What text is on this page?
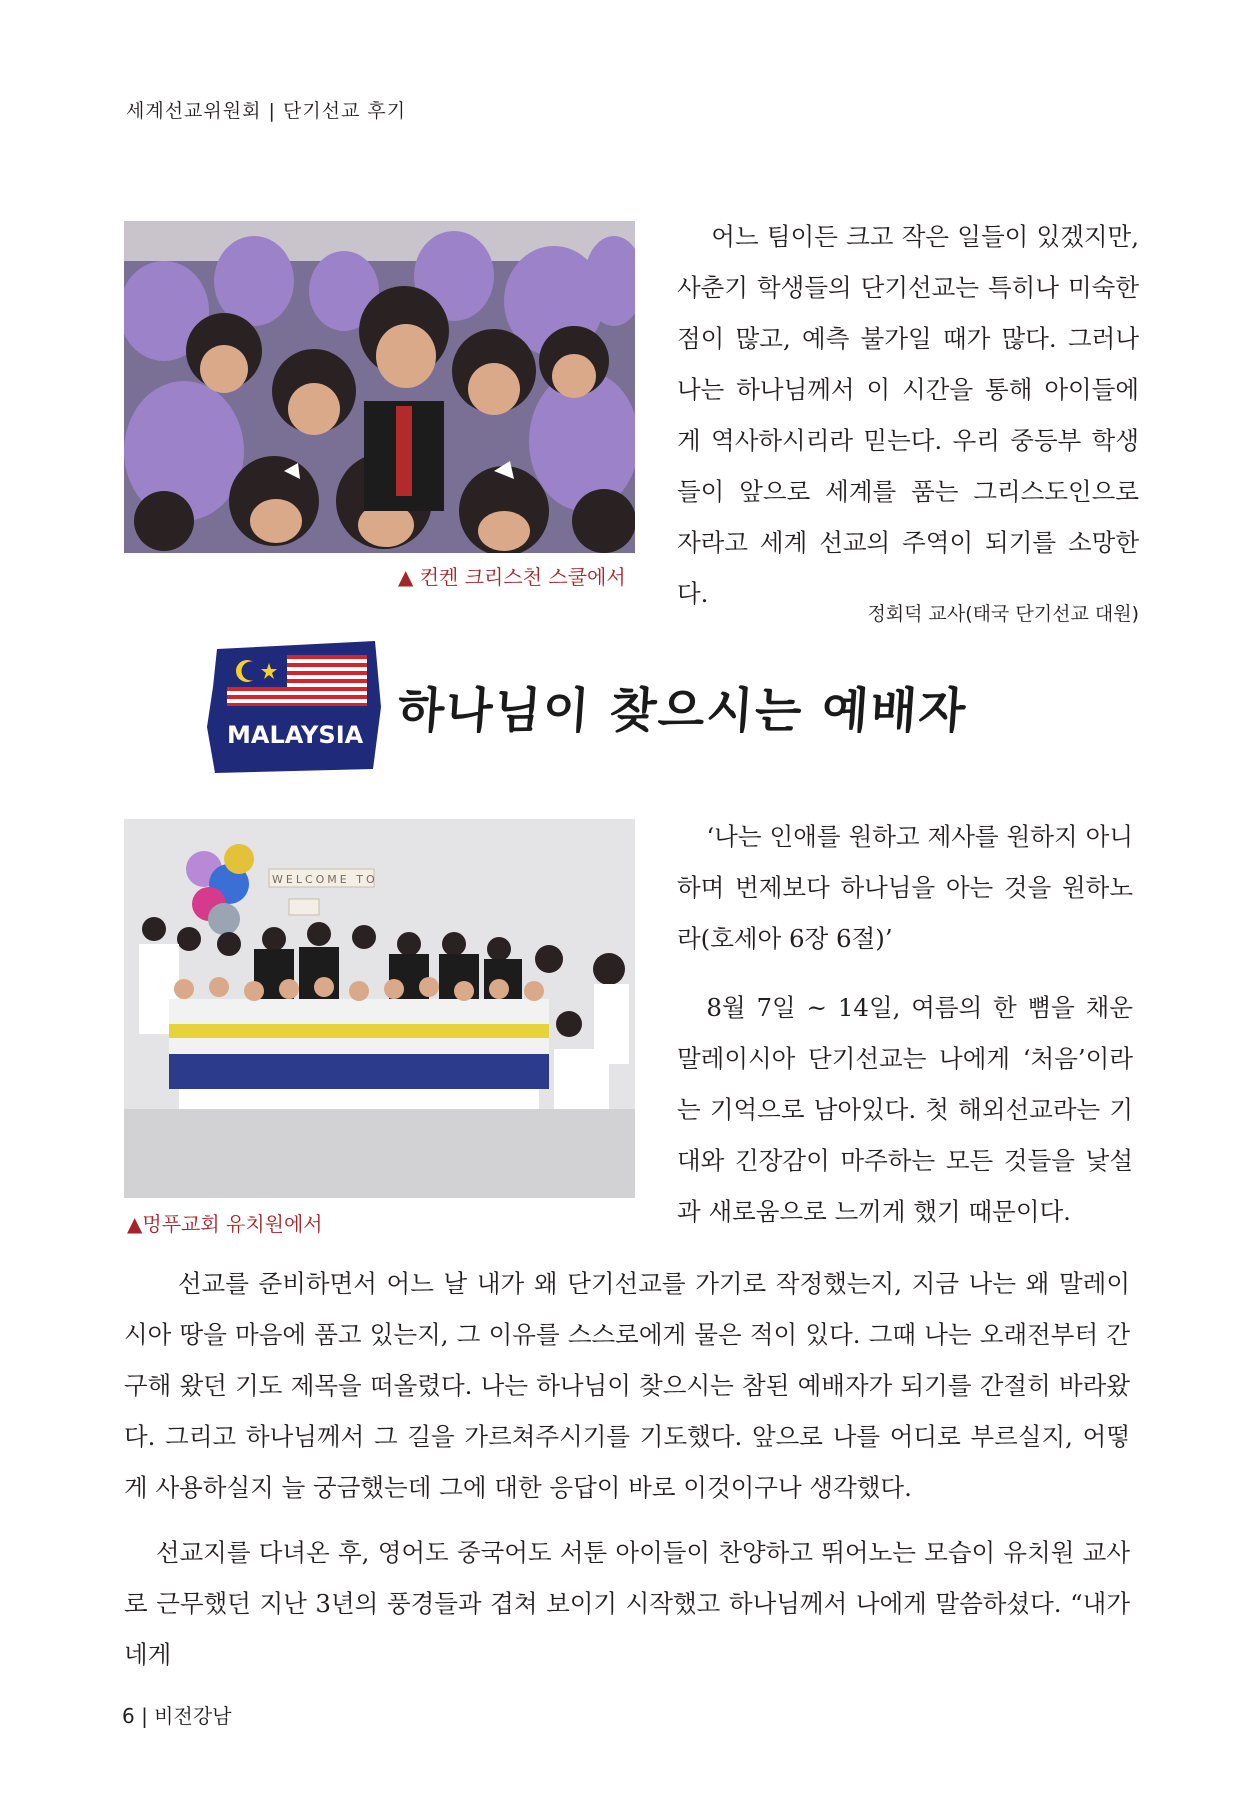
세계선교위원회 | 단기선교 후기
▲ 컨켄 크리스천 스쿨에서
어느 팀이든 크고 작은 일들이 있겠지만, 사춘기 학생들의 단기선교는 특히나 미숙한 점이 많고, 예측 불가일 때가 많다. 그러나 나는 하나님께서 이 시간을 통해 아이들에게 역사하시리라 믿는다. 우리 중등부 학생들이 앞으로 세계를 품는 그리스도인으로 자라고 세계 선교의 주역이 되기를 소망한다.
정회덕 교사(태국 단기선교 대원)
MALAYSIA 하나님이 찾으시는 예배자
WELCOME TO
▲멍푸교회 유치원에서
‘나는 인애를 원하고 제사를 원하지 아니하며 번제보다 하나님을 아는 것을 원하노라(호세아 6장 6절)’
8월 7일 ~ 14일, 여름의 한 뼘을 채운 말레이시아 단기선교는 나에게 ‘처음’이라는 기억으로 남아있다. 첫 해외선교라는 기대와 긴장감이 마주하는 모든 것들을 낯설과 새로움으로 느끼게 했기 때문이다.

선교를 준비하면서 어느 날 내가 왜 단기선교를 가기로 작정했는지, 지금 나는 왜 말레이시아 땅을 마음에 품고 있는지, 그 이유를 스스로에게 물은 적이 있다. 그때 나는 오래전부터 간구해 왔던 기도 제목을 떠올렸다. 나는 하나님이 찾으시는 참된 예배자가 되기를 간절히 바라왔다. 그리고 하나님께서 그 길을 가르쳐주시기를 기도했다. 앞으로 나를 어디로 부르실지, 어떻게 사용하실지 늘 궁금했는데 그에 대한 응답이 바로 이것이구나 생각했다.

선교지를 다녀온 후, 영어도 중국어도 서툰 아이들이 찬양하고 뛰어노는 모습이 유치원 교사로 근무했던 지난 3년의 풍경들과 겹쳐 보이기 시작했고 하나님께서 나에게 말씀하셨다. “내가 네게

6 | 비전강남
